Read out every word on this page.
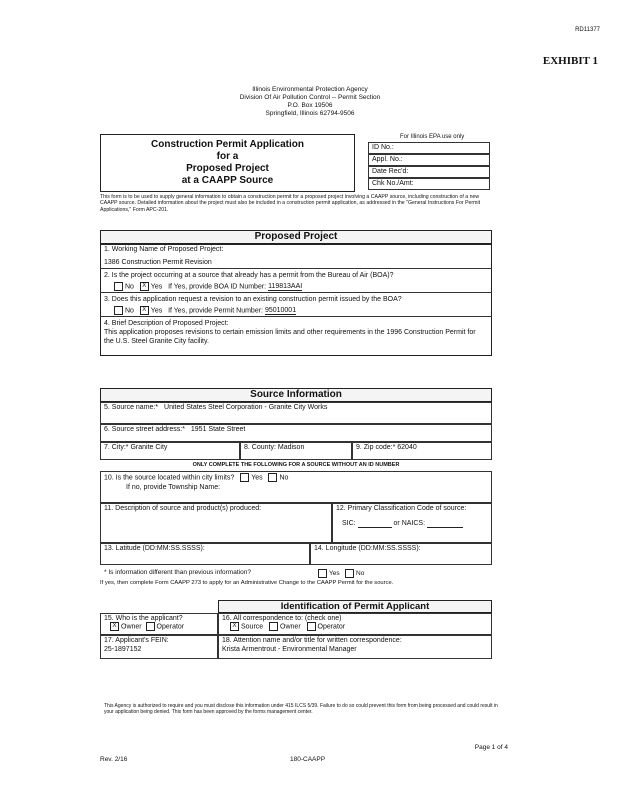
RD11377
EXHIBIT 1
Illinois Environmental Protection Agency
Division Of Air Pollution Control -- Permit Section
P.O. Box 19506
Springfield, Illinois 62794-9506
Construction Permit Application
for a
Proposed Project
at a CAAPP Source
For Illinois EPA use only
ID No.:
Appl. No.:
Date Rec'd:
Chk No./Amt:
This form is to be used to supply general information to obtain a construction permit for a proposed project involving a CAAPP source, including construction of a new CAAPP source. Detailed information about the project must also be included in a construction permit application, as addressed in the "General Instructions For Permit Applications," Form APC-201.
Proposed Project
1. Working Name of Proposed Project:
1386 Construction Permit Revision
2. Is the project occurring at a source that already has a permit from the Bureau of Air (BOA)?
No X Yes If Yes, provide BOA ID Number: 119813AAI
3. Does this application request a revision to an existing construction permit issued by the BOA?
No X Yes If Yes, provide Permit Number: 95010001
4. Brief Description of Proposed Project:
This application proposes revisions to certain emission limits and other requirements in the 1996 Construction Permit for the U.S. Steel Granite City facility.
Source Information
5. Source name:* United States Steel Corporation - Granite City Works
6. Source street address:* 1951 State Street
7. City:* Granite City	8. County: Madison	9. Zip code:* 62040
ONLY COMPLETE THE FOLLOWING FOR A SOURCE WITHOUT AN ID NUMBER
10. Is the source located within city limits? Yes No
If no, provide Township Name:
11. Description of source and product(s) produced:	12. Primary Classification Code of source:
SIC:	or NAICS:
13. Latitude (DD:MM:SS.SSSS):	14. Longitude (DD:MM:SS.SSSS):
* Is information different than previous information?	Yes	No
If yes, then complete Form CAAPP 273 to apply for an Administrative Change to the CAAPP Permit for the source.
Identification of Permit Applicant
15. Who is the applicant?
X Owner Operator
16. All correspondence to: (check one)
X Source Owner Operator
17. Applicant's FEIN:
25-1897152
18. Attention name and/or title for written correspondence:
Krista Armentrout - Environmental Manager
This Agency is authorized to require and you must disclose this information under 415 ILCS 5/39. Failure to do so could prevent this form from being processed and could result in your application being denied. This form has been approved by the forms management center.
Page 1 of 4
Rev. 2/16	180-CAAPP
